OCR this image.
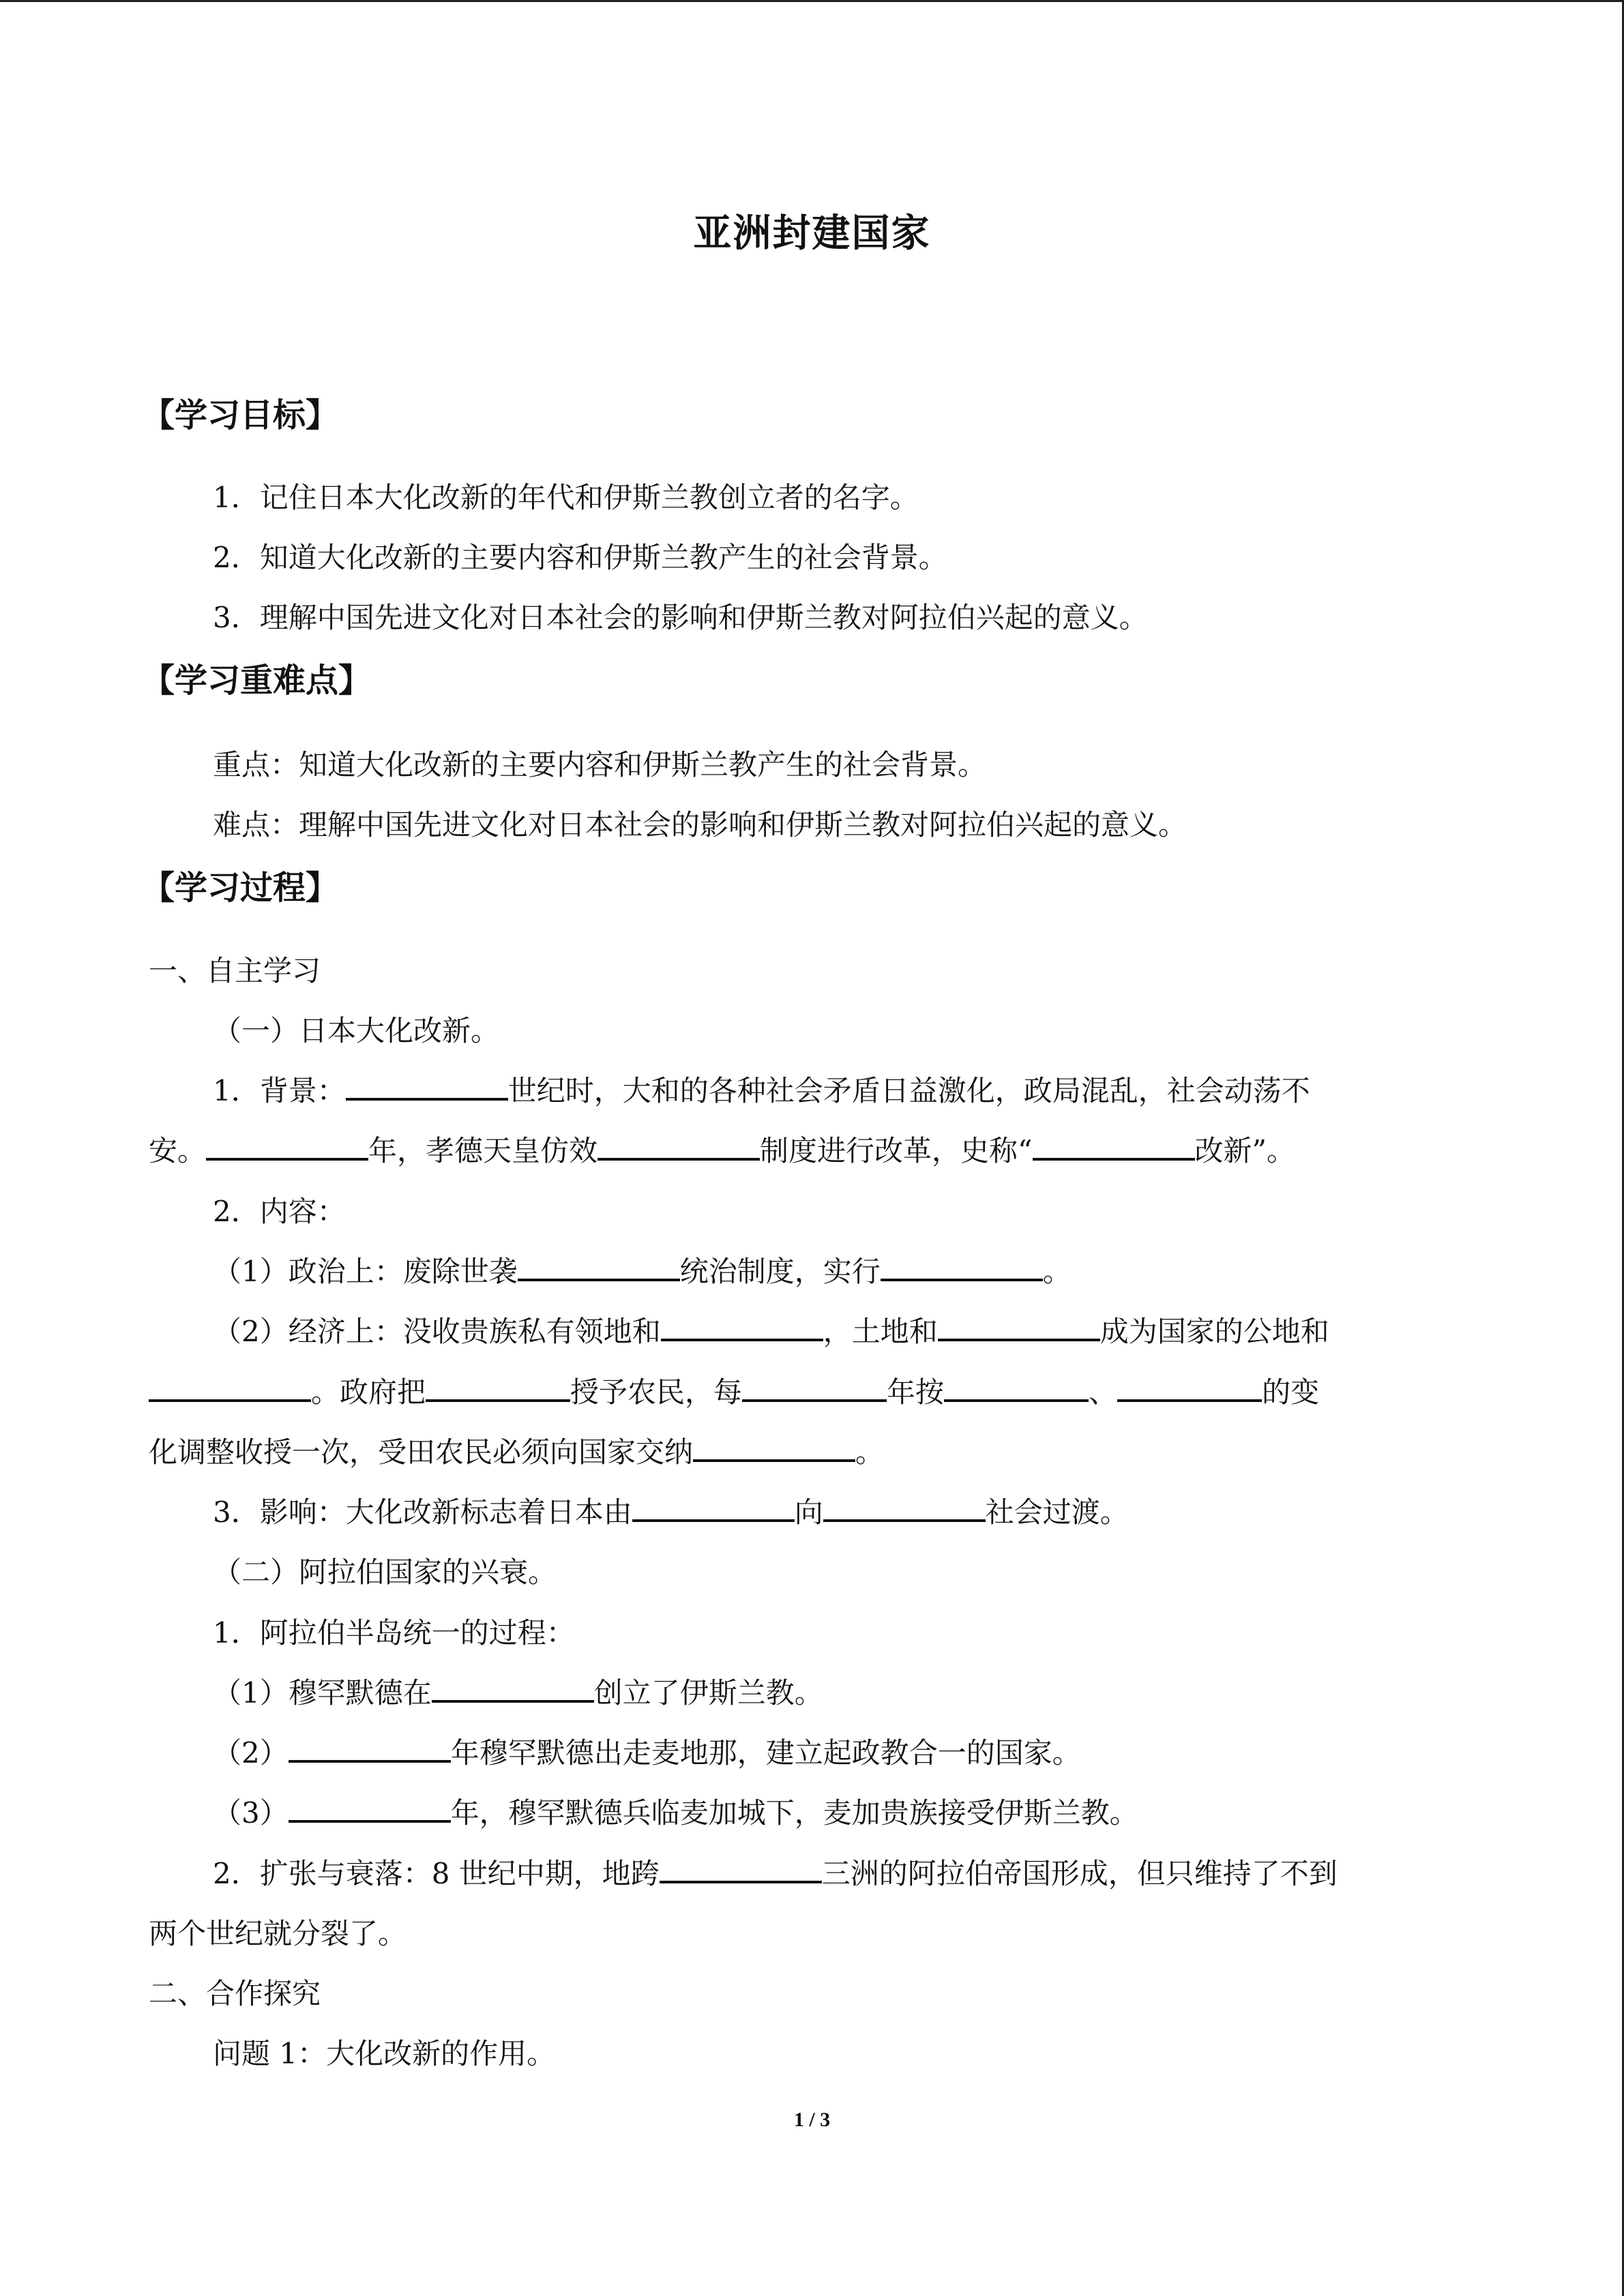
亚洲封建国家
【学习目标】
1．记住日本大化改新的年代和伊斯兰教创立者的名字。
2．知道大化改新的主要内容和伊斯兰教产生的社会背景。
3．理解中国先进文化对日本社会的影响和伊斯兰教对阿拉伯兴起的意义。
【学习重难点】
重点：知道大化改新的主要内容和伊斯兰教产生的社会背景。
难点：理解中国先进文化对日本社会的影响和伊斯兰教对阿拉伯兴起的意义。
【学习过程】
一、自主学习
（一）日本大化改新。
1．背景：	世纪时，大和的各种社会矛盾日益激化，政局混乱，社会动荡不
安。	年，孝德天皇仿效	制度进行改革，史称“	改新”。
2．内容：
（1）政治上：废除世袭	统治制度，实行	。
（2）经济上：没收贵族私有领地和	，土地和	成为国家的公地和
。政府把	授予农民，每	年按	、	的变
化调整收授一次，受田农民必须向国家交纳	。
3．影响：大化改新标志着日本由	向	社会过渡。
（二）阿拉伯国家的兴衰。
1．阿拉伯半岛统一的过程：
（1）穆罕默德在	创立了伊斯兰教。
（2）	年穆罕默德出走麦地那，建立起政教合一的国家。
（3）	年，穆罕默德兵临麦加城下，麦加贵族接受伊斯兰教。
2．扩张与衰落：8 世纪中期，地跨	三洲的阿拉伯帝国形成，但只维持了不到
两个世纪就分裂了。
二、合作探究
问题 1：大化改新的作用。
1 / 3
